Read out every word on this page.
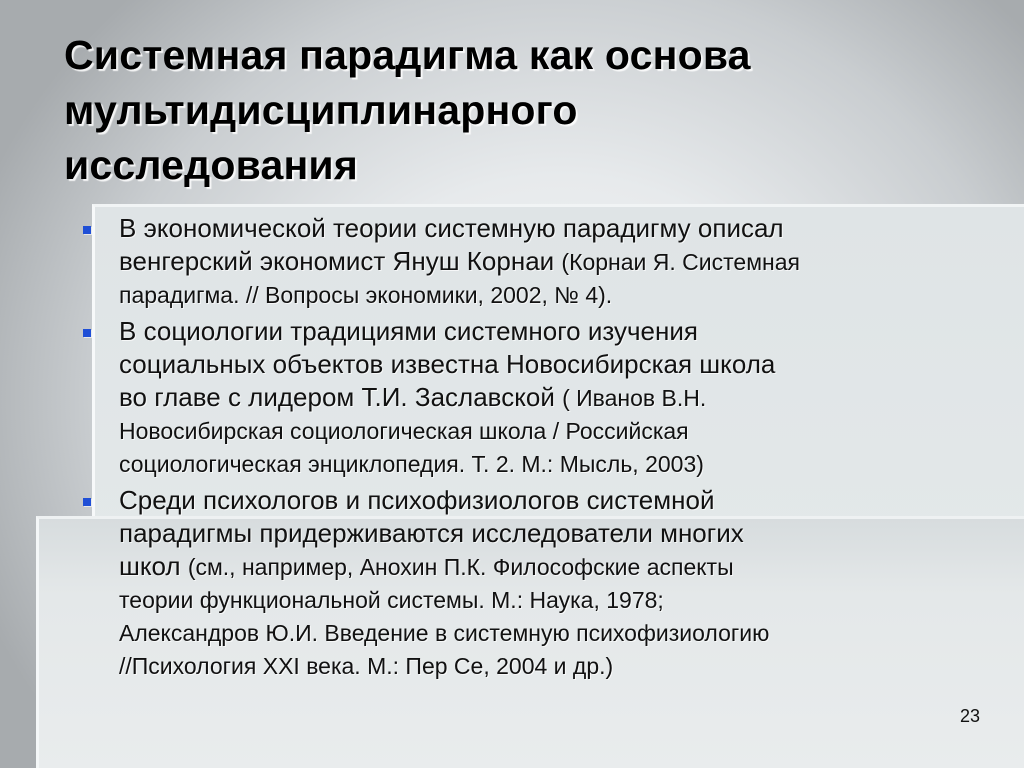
Системная парадигма как основа
мультидисциплинарного
исследования
В экономической теории системную парадигму описал
венгерский экономист Януш Корнаи (Корнаи Я. Системная
парадигма. // Вопросы экономики, 2002, № 4).
В социологии традициями системного изучения
социальных объектов известна Новосибирская школа
во главе с лидером Т.И. Заславской ( Иванов В.Н.
Новосибирская социологическая школа / Российская
социологическая энциклопедия. Т. 2. М.: Мысль, 2003)
Среди психологов и психофизиологов системной
парадигмы придерживаются исследователи многих
школ (см., например, Анохин П.К. Философские аспекты
теории функциональной системы. М.: Наука, 1978;
Александров Ю.И. Введение в системную психофизиологию
//Психология XXI века. М.: Пер Се, 2004 и др.)
23
